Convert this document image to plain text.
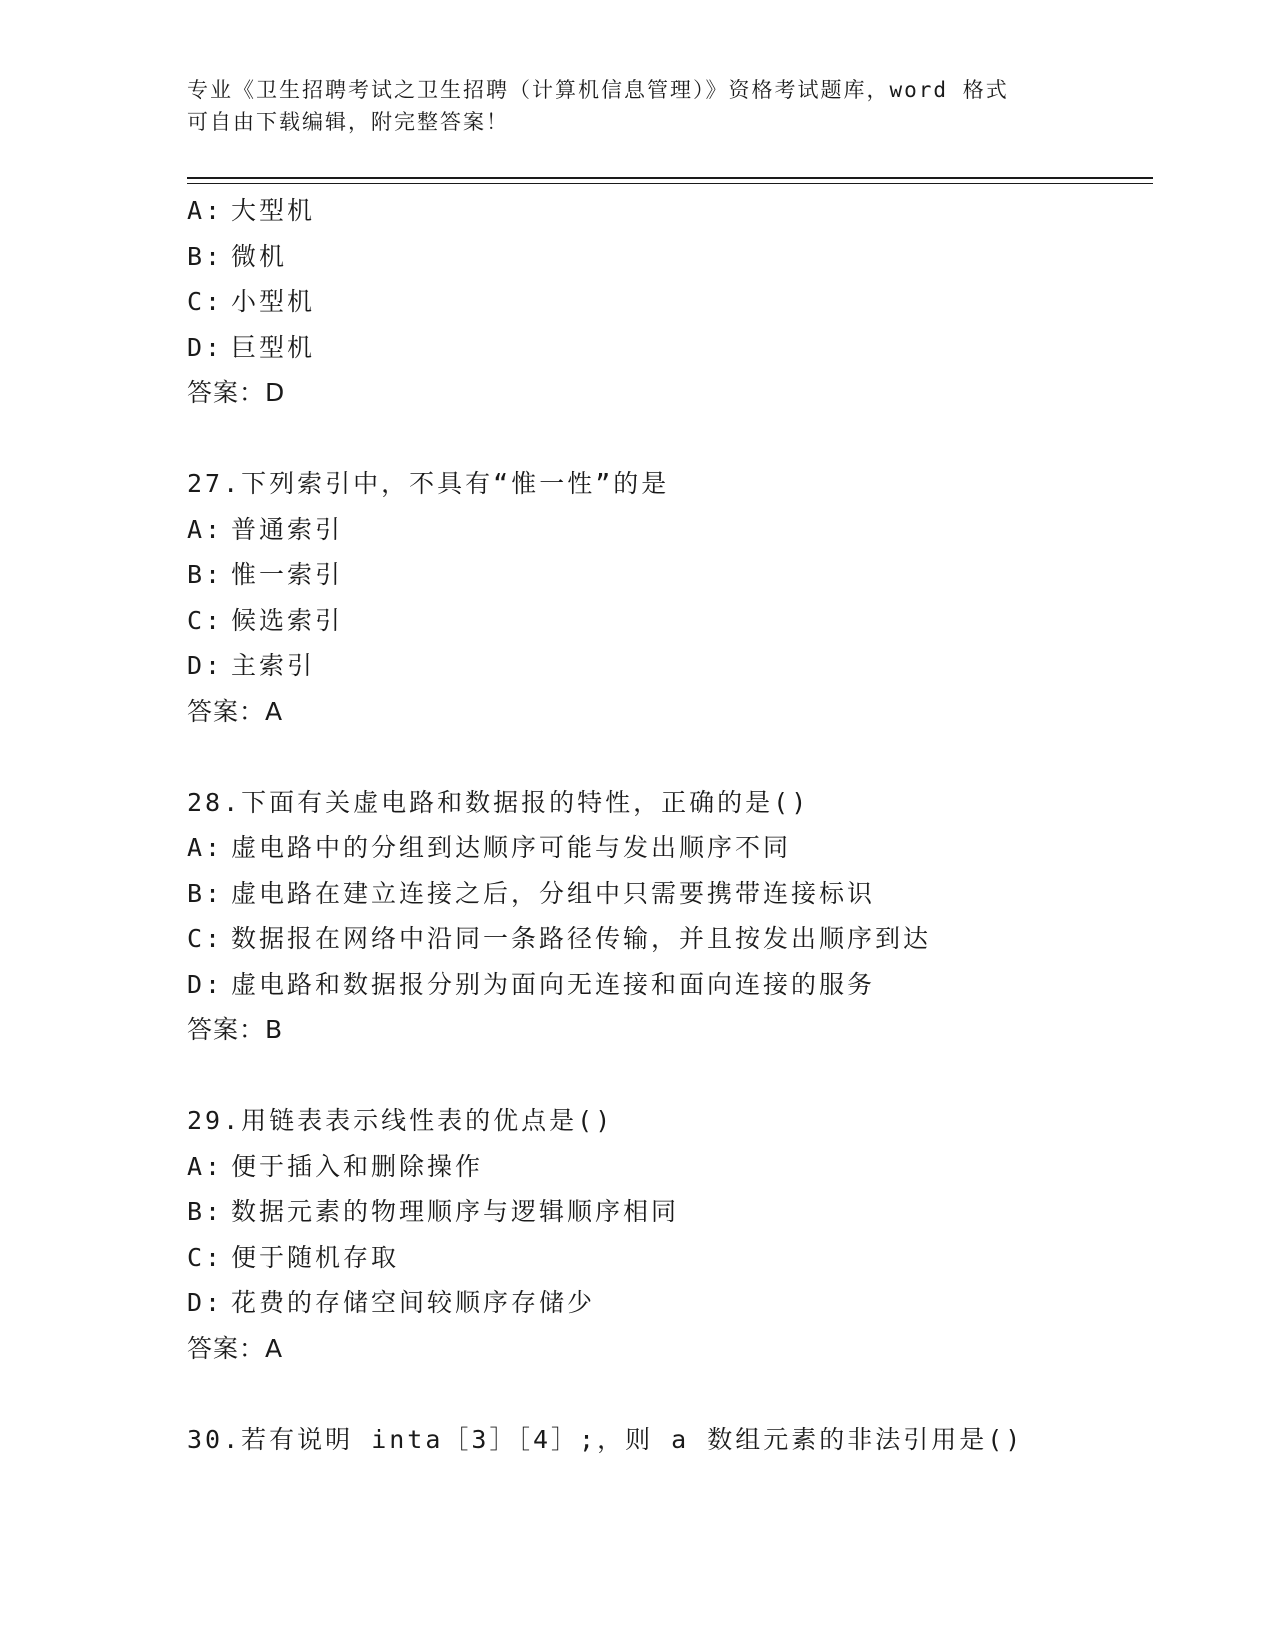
专业《卫生招聘考试之卫生招聘（计算机信息管理）》资格考试题库，word 格式
可自由下载编辑，附完整答案！
A: 大型机
B: 微机
C: 小型机
D: 巨型机
答案：D
27.下列索引中，不具有“惟一性”的是
A: 普通索引
B: 惟一索引
C: 候选索引
D: 主索引
答案：A
28.下面有关虚电路和数据报的特性，正确的是()
A: 虚电路中的分组到达顺序可能与发出顺序不同
B: 虚电路在建立连接之后，分组中只需要携带连接标识
C: 数据报在网络中沿同一条路径传输，并且按发出顺序到达
D: 虚电路和数据报分别为面向无连接和面向连接的服务
答案：B
29.用链表表示线性表的优点是()
A: 便于插入和删除操作
B: 数据元素的物理顺序与逻辑顺序相同
C: 便于随机存取
D: 花费的存储空间较顺序存储少
答案：A
30.若有说明 inta［3］［4］;，则 a 数组元素的非法引用是()
